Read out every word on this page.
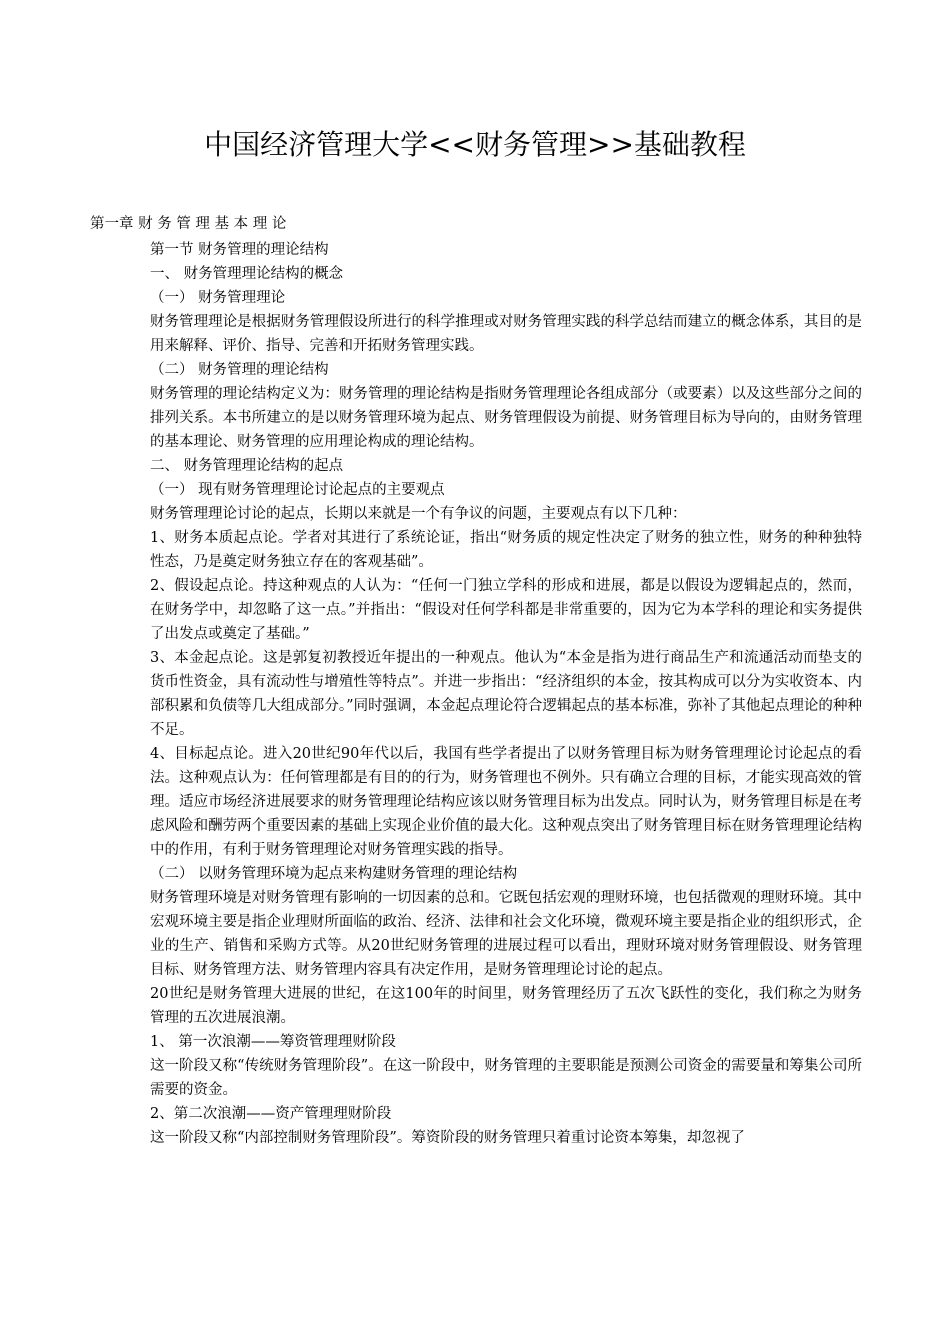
中国经济管理大学<<财务管理>>基础教程
第一章 财 务 管 理 基 本 理 论

第一节 财务管理的理论结构

一、 财务管理理论结构的概念

（一） 财务管理理论

财务管理理论是根据财务管理假设所进行的科学推理或对财务管理实践的科学总结而建立的概念体系，其目的是用来解释、评价、指导、完善和开拓财务管理实践。

（二） 财务管理的理论结构

财务管理的理论结构定义为：财务管理的理论结构是指财务管理理论各组成部分（或要素）以及这些部分之间的排列关系。本书所建立的是以财务管理环境为起点、财务管理假设为前提、财务管理目标为导向的，由财务管理的基本理论、财务管理的应用理论构成的理论结构。

二、 财务管理理论结构的起点

（一） 现有财务管理理论讨论起点的主要观点

财务管理理论讨论的起点，长期以来就是一个有争议的问题，主要观点有以下几种：

1、财务本质起点论。学者对其进行了系统论证，指出“财务质的规定性决定了财务的独立性，财务的种种独特性态，乃是奠定财务独立存在的客观基础”。

2、假设起点论。持这种观点的人认为：“任何一门独立学科的形成和进展，都是以假设为逻辑起点的，然而，在财务学中，却忽略了这一点。”并指出：“假设对任何学科都是非常重要的，因为它为本学科的理论和实务提供了出发点或奠定了基础。”

3、本金起点论。这是郭复初教授近年提出的一种观点。他认为“本金是指为进行商品生产和流通活动而垫支的货币性资金，具有流动性与增殖性等特点”。并进一步指出：“经济组织的本金，按其构成可以分为实收资本、内部积累和负债等几大组成部分。”同时强调，本金起点理论符合逻辑起点的基本标准，弥补了其他起点理论的种种不足。

4、目标起点论。进入20世纪90年代以后，我国有些学者提出了以财务管理目标为财务管理理论讨论起点的看法。这种观点认为：任何管理都是有目的的行为，财务管理也不例外。只有确立合理的目标，才能实现高效的管理。适应市场经济进展要求的财务管理理论结构应该以财务管理目标为出发点。同时认为，财务管理目标是在考虑风险和酬劳两个重要因素的基础上实现企业价值的最大化。这种观点突出了财务管理目标在财务管理理论结构中的作用，有利于财务管理理论对财务管理实践的指导。

（二） 以财务管理环境为起点来构建财务管理的理论结构

财务管理环境是对财务管理有影响的一切因素的总和。它既包括宏观的理财环境，也包括微观的理财环境。其中宏观环境主要是指企业理财所面临的政治、经济、法律和社会文化环境，微观环境主要是指企业的组织形式，企业的生产、销售和采购方式等。从20世纪财务管理的进展过程可以看出，理财环境对财务管理假设、财务管理目标、财务管理方法、财务管理内容具有决定作用，是财务管理理论讨论的起点。

20世纪是财务管理大进展的世纪，在这100年的时间里，财务管理经历了五次飞跃性的变化，我们称之为财务管理的五次进展浪潮。

1、 第一次浪潮——筹资管理理财阶段

这一阶段又称“传统财务管理阶段”。在这一阶段中，财务管理的主要职能是预测公司资金的需要量和筹集公司所需要的资金。

2、第二次浪潮——资产管理理财阶段

这一阶段又称“内部控制财务管理阶段”。筹资阶段的财务管理只着重讨论资本筹集，却忽视了
